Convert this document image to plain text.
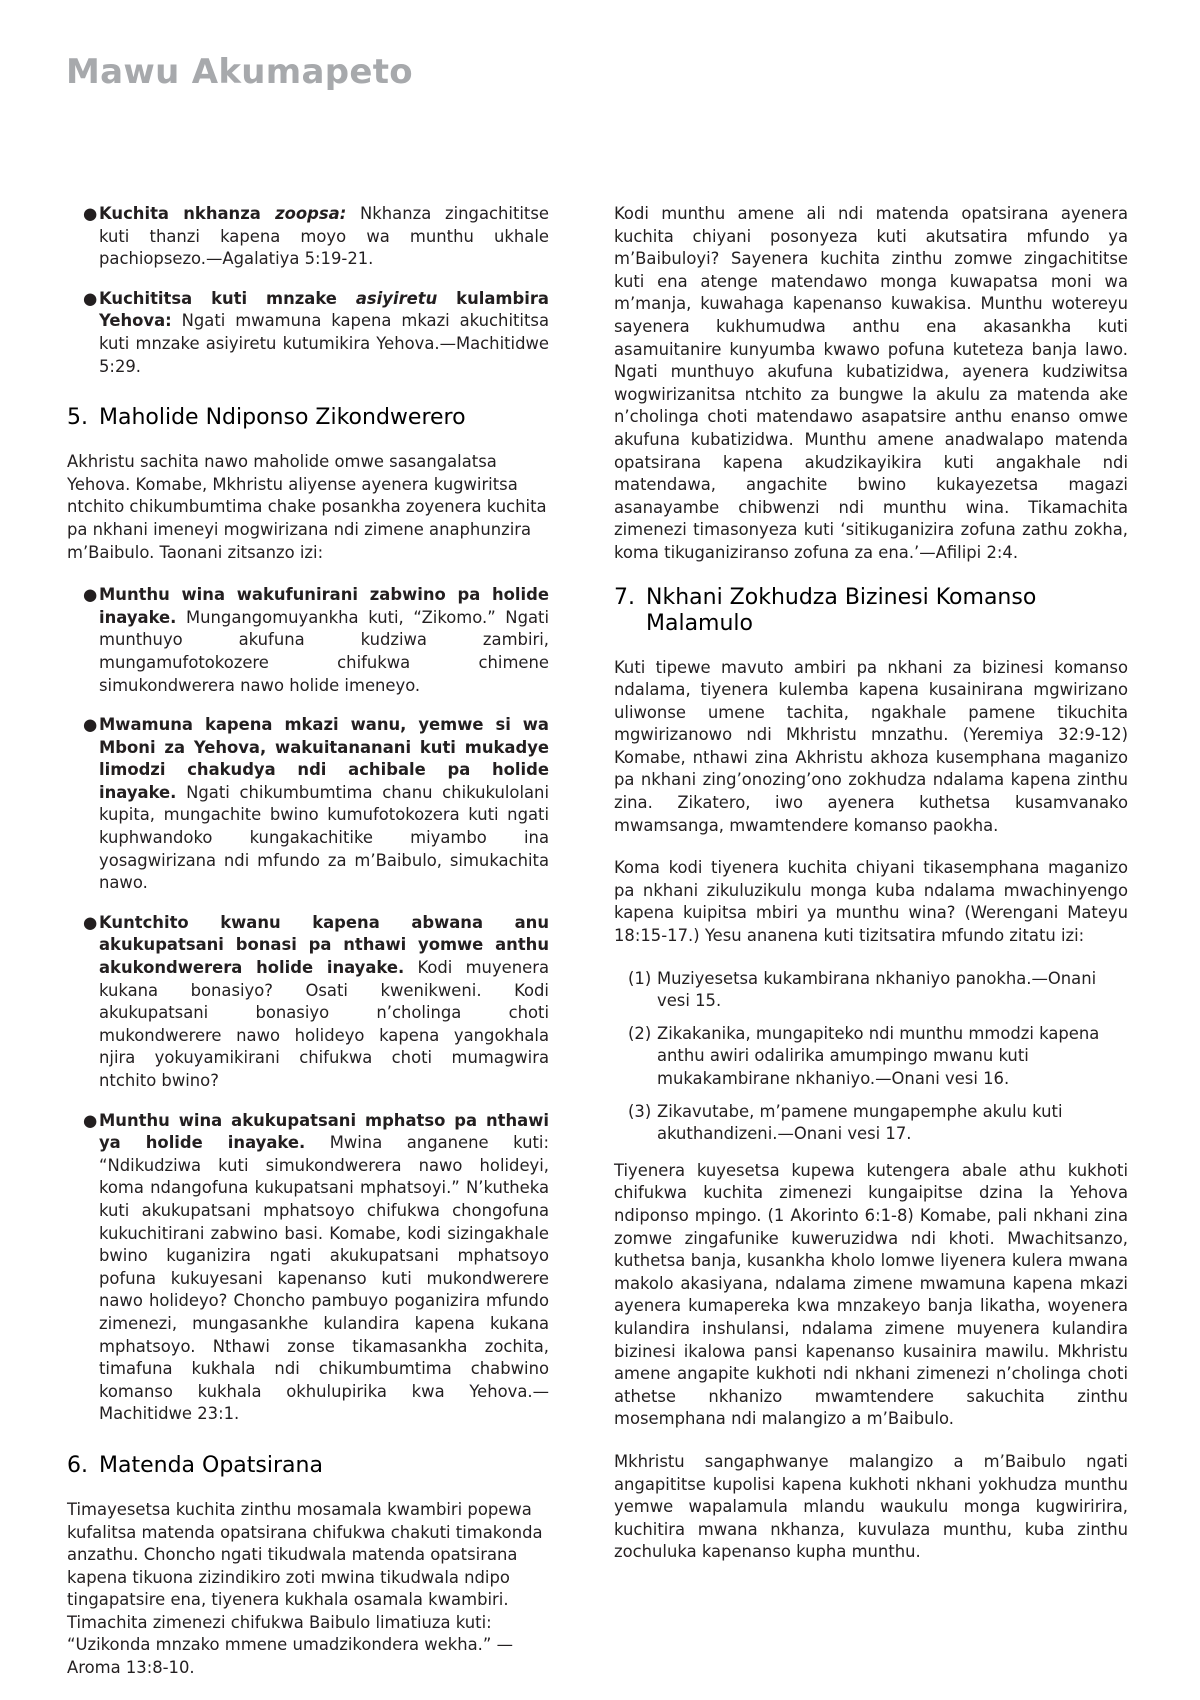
Mawu Akumapeto
● Kuchita nkhanza zoopsa: Nkhanza zingachititse kuti thanzi kapena moyo wa munthu ukhale pachiopsezo.—Agalatiya 5:19-21.
● Kuchititsa kuti mnzake asiyiretu kulambira Yehova: Ngati mwamuna kapena mkazi akuchititsa kuti mnzake asiyiretu kutumikira Yehova.—Machitidwe 5:29.
5. Maholide Ndiponso Zikondwerero

Akhristu sachita nawo maholide omwe sasangalatsa Yehova. Komabe, Mkhristu aliyense ayenera kugwiritsa ntchito chikumbumtima chake posankha zoyenera kuchita pa nkhani imeneyi mogwirizana ndi zimene anaphunzira m’Baibulo. Taonani zitsanzo izi:

● Munthu wina wakufunirani zabwino pa holide inayake. Mungangomuyankha kuti, “Zikomo.” Ngati munthuyo akufuna kudziwa zambiri, mungamufotokozere chifukwa chimene simukondwerera nawo holide imeneyo.
● Mwamuna kapena mkazi wanu, yemwe si wa Mboni za Yehova, wakuitananani kuti mukadye limodzi chakudya ndi achibale pa holide inayake. Ngati chikumbumtima chanu chikukulolani kupita, mungachite bwino kumufotokozera kuti ngati kuphwandoko kungakachitike miyambo ina yosagwirizana ndi mfundo za m’Baibulo, simukachita nawo.
● Kuntchito kwanu kapena abwana anu akukupatsani bonasi pa nthawi yomwe anthu akukondwerera holide inayake. Kodi muyenera kukana bonasiyo? Osati kwenikweni. Kodi akukupatsani bonasiyo n’cholinga choti mukondwerere nawo holideyo kapena yangokhala njira yokuyamikirani chifukwa choti mumagwira ntchito bwino?
● Munthu wina akukupatsani mphatso pa nthawi ya holide inayake. Mwina anganene kuti: “Ndikudziwa kuti simukondwerera nawo holideyi, koma ndangofuna kukupatsani mphatsoyi.” N’kutheka kuti akukupatsani mphatsoyo chifukwa chongofuna kukuchitirani zabwino basi. Komabe, kodi sizingakhale bwino kuganizira ngati akukupatsani mphatsoyo pofuna kukuyesani kapenanso kuti mukondwerere nawo holideyo? Choncho pambuyo poganizira mfundo zimenezi, mungasankhe kulandira kapena kukana mphatsoyo. Nthawi zonse tikamasankha zochita, timafuna kukhala ndi chikumbumtima chabwino komanso kukhala okhulupirika kwa Yehova.—Machitidwe 23:1.
6. Matenda Opatsirana

Timayesetsa kuchita zinthu mosamala kwambiri popewa kufalitsa matenda opatsirana chifukwa chakuti timakonda anzathu. Choncho ngati tikudwala matenda opatsirana kapena tikuona zizindikiro zoti mwina tikudwala ndipo tingapatsire ena, tiyenera kukhala osamala kwambiri. Timachita zimenezi chifukwa Baibulo limatiuza kuti: “Uzikonda mnzako mmene umadzikondera wekha.” —Aroma 13:8-10.

Kodi munthu amene ali ndi matenda opatsirana ayenera kuchita chiyani posonyeza kuti akutsatira mfundo ya m’Baibuloyi? Sayenera kuchita zinthu zomwe zingachititse kuti ena atenge matendawo monga kuwapatsa moni wa m’manja, kuwahaga kapenanso kuwakisa. Munthu wotereyu sayenera kukhumudwa anthu ena akasankha kuti asamuitanire kunyumba kwawo pofuna kuteteza banja lawo. Ngati munthuyo akufuna kubatizidwa, ayenera kudziwitsa wogwirizanitsa ntchito za bungwe la akulu za matenda ake n’cholinga choti matendawo asapatsire anthu enanso omwe akufuna kubatizidwa. Munthu amene anadwalapo matenda opatsirana kapena akudzikayikira kuti angakhale ndi matendawa, angachite bwino kukayezetsa magazi asanayambe chibwenzi ndi munthu wina. Tikamachita zimenezi timasonyeza kuti ‘sitikuganizira zofuna zathu zokha, koma tikuganiziranso zofuna za ena.’—Afilipi 2:4.

7. Nkhani Zokhudza Bizinesi Komanso Malamulo

Kuti tipewe mavuto ambiri pa nkhani za bizinesi komanso ndalama, tiyenera kulemba kapena kusainirana mgwirizano uliwonse umene tachita, ngakhale pamene tikuchita mgwirizanowo ndi Mkhristu mnzathu. (Yeremiya 32:9-12) Komabe, nthawi zina Akhristu akhoza kusemphana maganizo pa nkhani zing’onozing’ono zokhudza ndalama kapena zinthu zina. Zikatero, iwo ayenera kuthetsa kusamvanako mwamsanga, mwamtendere komanso paokha.

Koma kodi tiyenera kuchita chiyani tikasemphana maganizo pa nkhani zikuluzikulu monga kuba ndalama mwachinyengo kapena kuipitsa mbiri ya munthu wina? (Werengani Mateyu 18:15-17.) Yesu ananena kuti tizitsatira mfundo zitatu izi:

(1) Muziyesetsa kukambirana nkhaniyo panokha.—Onani vesi 15.
(2) Zikakanika, mungapiteko ndi munthu mmodzi kapena anthu awiri odalirika amumpingo mwanu kuti mukakambirane nkhaniyo.—Onani vesi 16.
(3) Zikavutabe, m’pamene mungapemphe akulu kuti akuthandizeni.—Onani vesi 17.

Tiyenera kuyesetsa kupewa kutengera abale athu kukhoti chifukwa kuchita zimenezi kungaipitse dzina la Yehova ndiponso mpingo. (1 Akorinto 6:1-8) Komabe, pali nkhani zina zomwe zingafunike kuweruzidwa ndi khoti. Mwachitsanzo, kuthetsa banja, kusankha kholo lomwe liyenera kulera mwana makolo akasiyana, ndalama zimene mwamuna kapena mkazi ayenera kumapereka kwa mnzakeyo banja likatha, woyenera kulandira inshulansi, ndalama zimene muyenera kulandira bizinesi ikalowa pansi kapenanso kusainira mawilu. Mkhristu amene angapite kukhoti ndi nkhani zimenezi n’cholinga choti athetse nkhanizo mwamtendere sakuchita zinthu mosemphana ndi malangizo a m’Baibulo.

Mkhristu sangaphwanye malangizo a m’Baibulo ngati angapititse kupolisi kapena kukhoti nkhani yokhudza munthu yemwe wapalamula mlandu waukulu monga kugwiririra, kuchitira mwana nkhanza, kuvulaza munthu, kuba zinthu zochuluka kapenanso kupha munthu.
